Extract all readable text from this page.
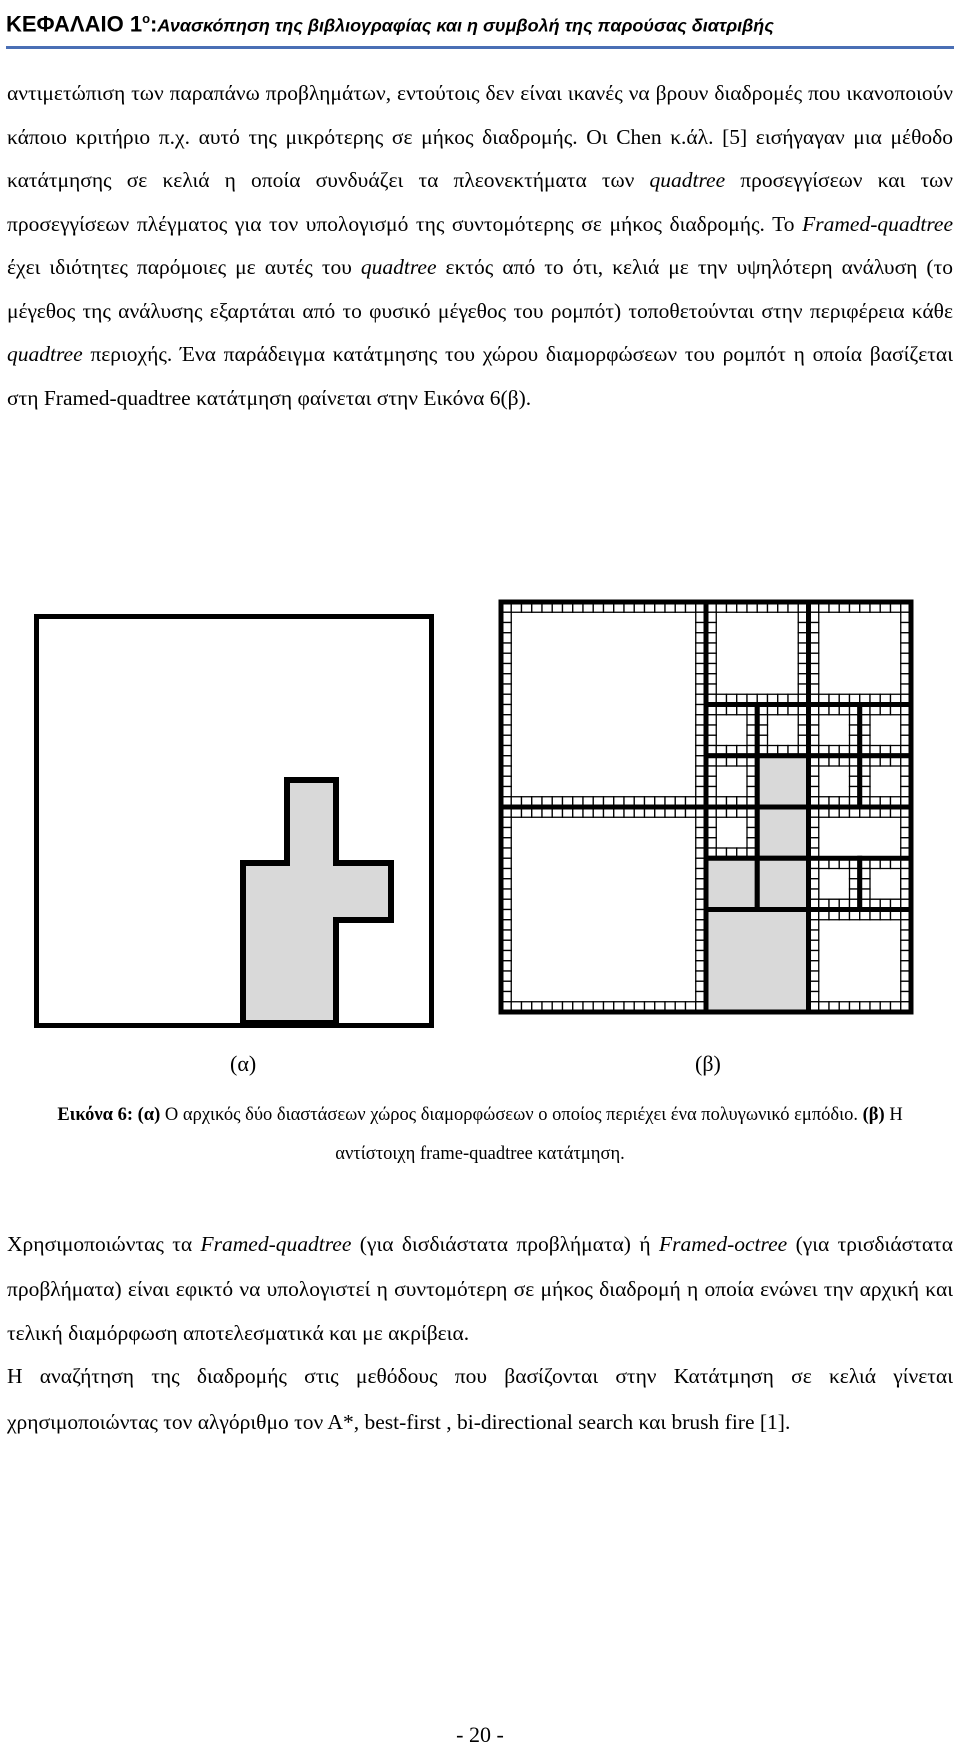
ΚΕΦΑΛΑΙΟ $1^o:A\nu\alpha\sigma\kappa ό\pi\eta\sigma\eta$ της βιβλιογραφίας και η συμβολή της παρούσας διατριβής

αντιμετώπιση των παραπάνω προβλημάτων, εντούτοις δεν είναι ικανές να βρουν διαδρομές που ικανοποιούν κάποιο κριτήριο π.χ. αυτό της μικρότερης σε μήκος διαδρομής. Οι Chen κ.άλ. [5] εισήγαγαν μια μέθοδο κατάτμησης σε κελιά η οποία συνδυάζει τα πλεονεκτήματα των quadtree προσεγγίσεων και των προσεγγίσεων πλέγματος για τον υπολογισμό της συντομότερης σε μήκος διαδρομής. Το Framed-quadtree έχει ιδιότητες παρόμοιες με αυτές του quadtree εκτός από το ότι, κελιά με την υψηλότερη ανάλυση (το μέγεθος της ανάλυσης εξαρτάται από το φυσικό μέγεθος του ρομπότ) τοποθετούνται στην περιφέρεια κάθε quadtree περιοχής. Ένα παράδειγμα κατάτμησης του χώρου διαμορφώσεων του ρομπότ η οποία βασίζεται στη Framed-quadtree κατάτμηση φαίνεται στην Εικόνα 6(β).

(α)	(β)

Εικόνα 6: (α) Ο αρχικός δύο διαστάσεων χώρος διαμορφώσεων ο οποίος περιέχει ένα πολυγωνικό εμπόδιο. (β) Η αντίστοιχη frame-quadtree κατάτμηση.

Χρησιμοποιώντας τα Framed-quadtree (για δισδιάστατα προβλήματα) ή Framed-octree (για τρισδιάστατα προβλήματα) είναι εφικτό να υπολογιστεί η συντομότερη σε μήκος διαδρομή η οποία ενώνει την αρχική και τελική διαμόρφωση αποτελεσματικά και με ακρίβεια.

Η αναζήτηση της διαδρομής στις μεθόδους που βασίζονται στην Κατάτμηση σε κελιά γίνεται χρησιμοποιώντας τον αλγόριθμο τον Α*, best-first , bi-directional search και brush fire [1].

- 20 -
